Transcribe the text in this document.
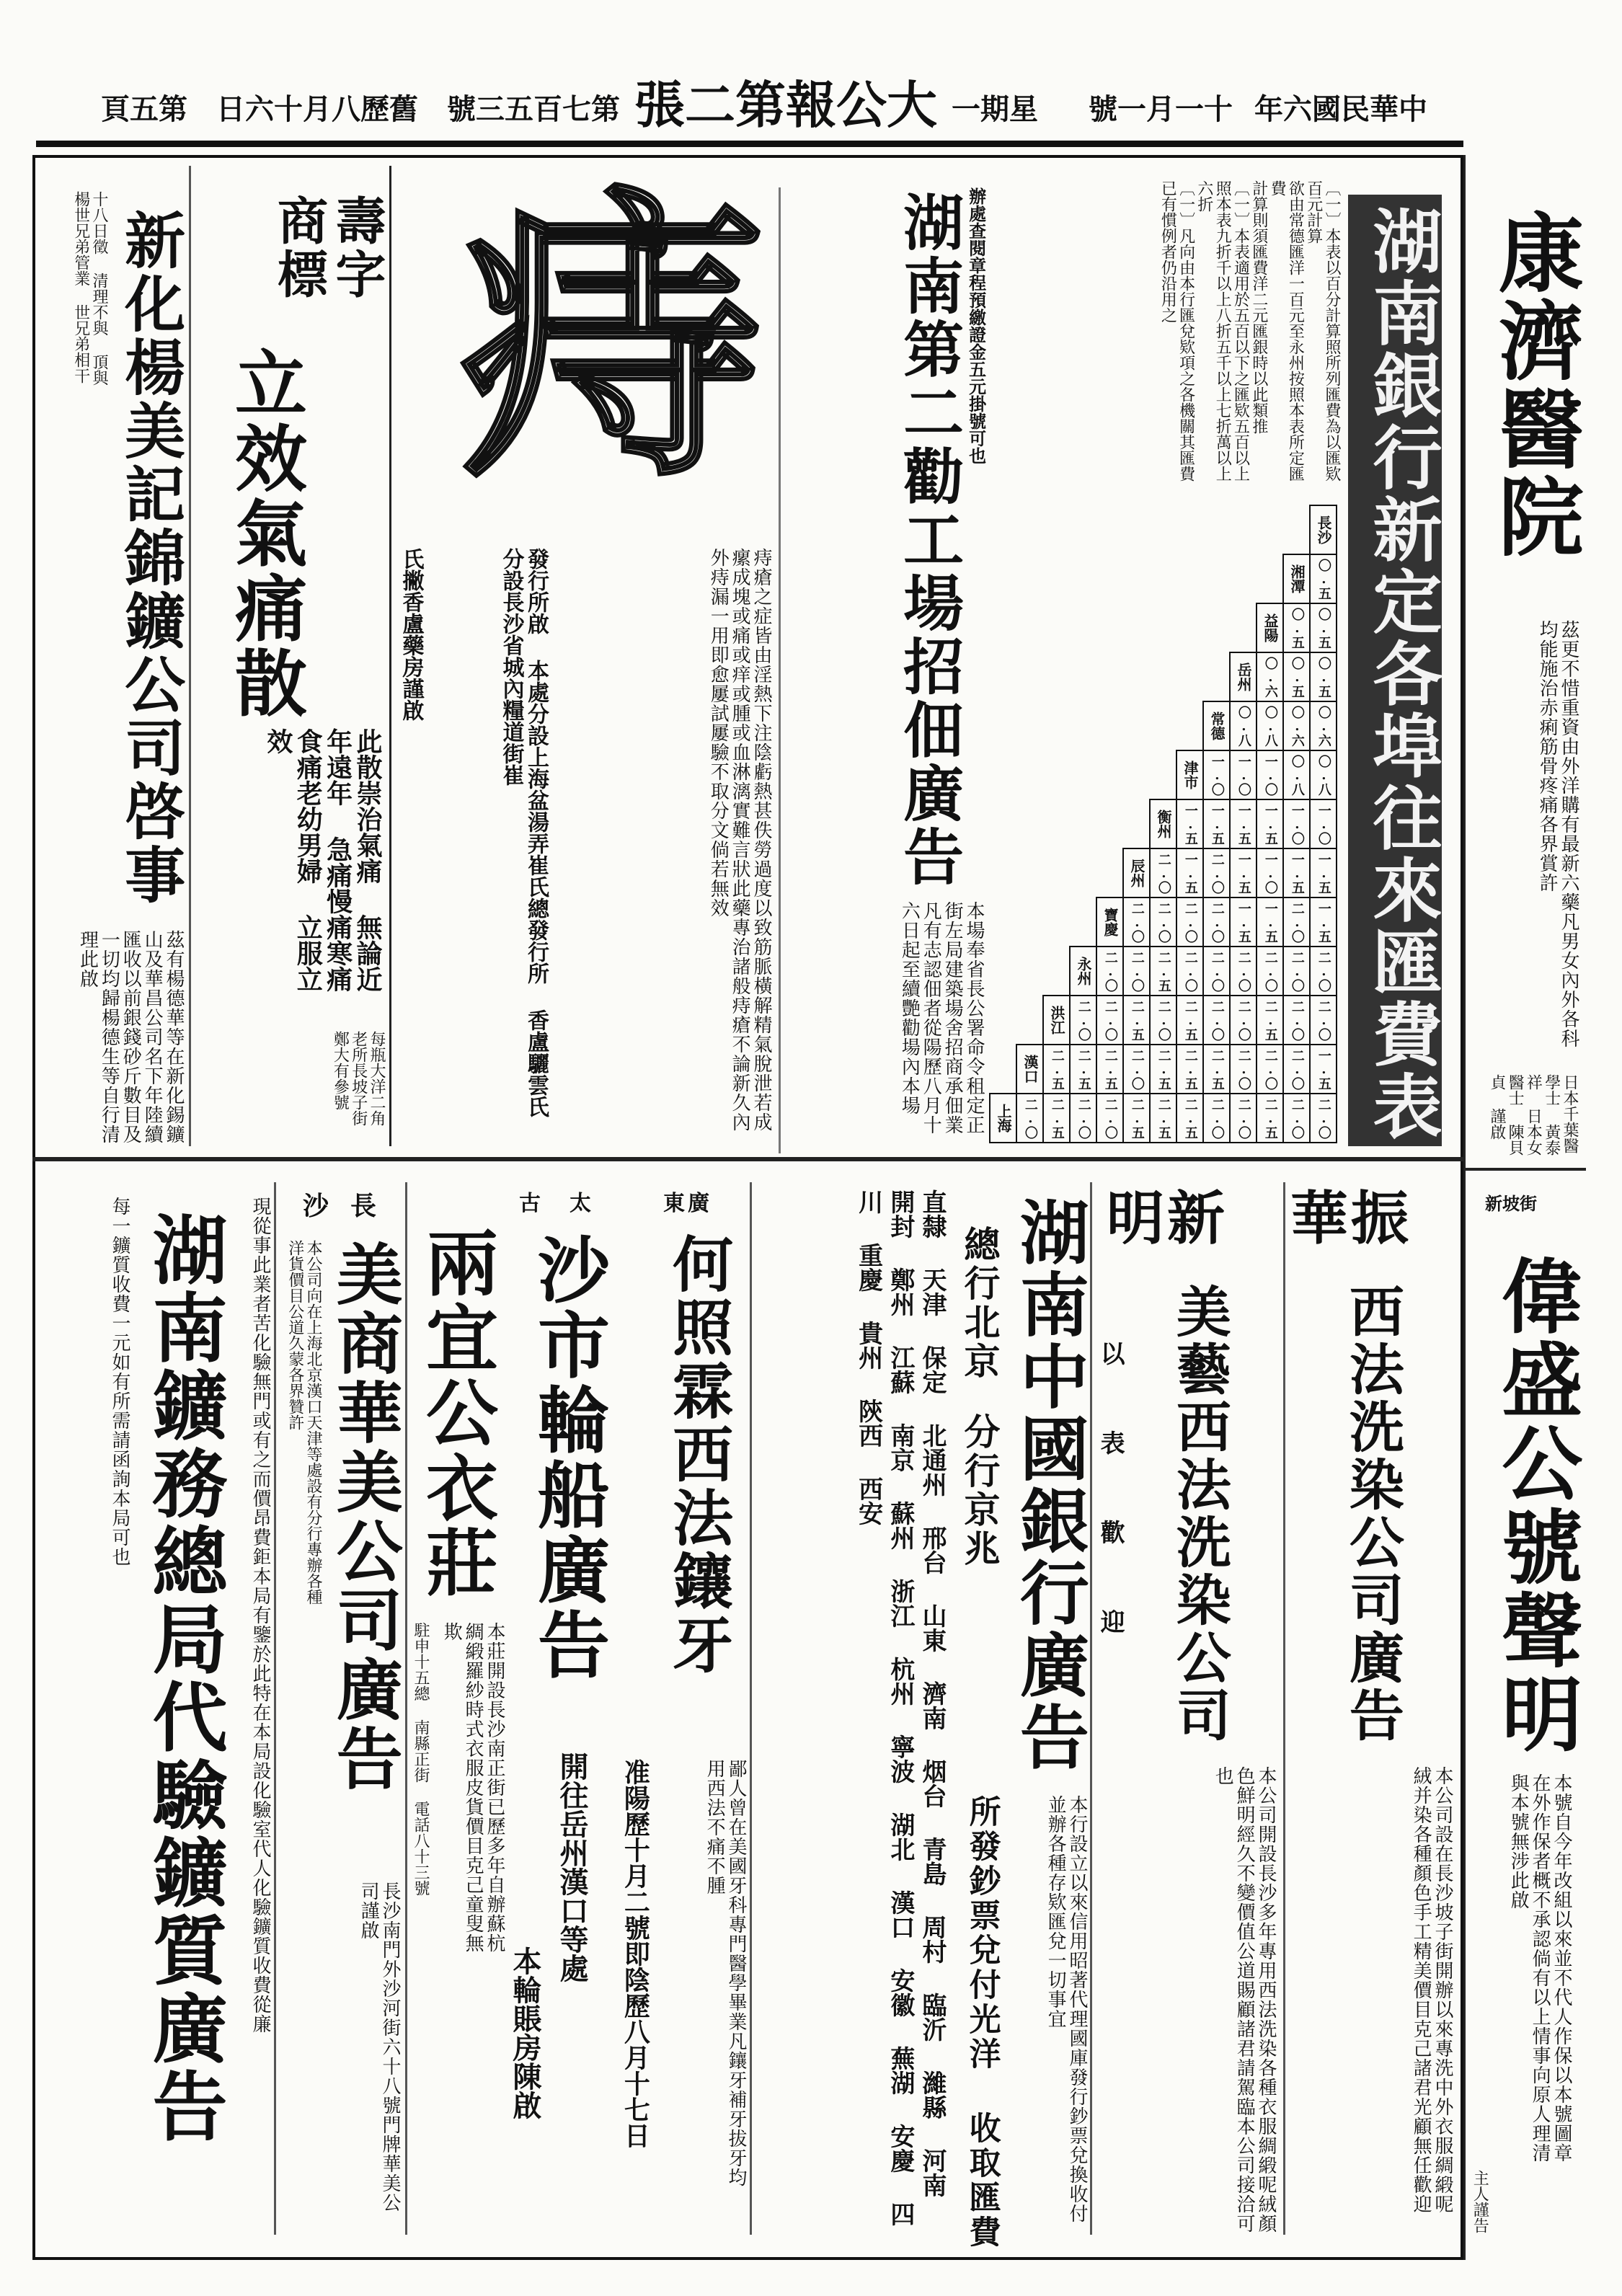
第五頁 舊歷八月十六日 第七百五三號 大公報第二張 星期一 十一月一號 中華民國六年
康濟醫院
茲更不惜重資由外洋購有最新六藥凡男女內外各科均能施治赤痢筋骨疼痛各界賞許
日本千葉醫學士 黃泰祥 日本女醫士 陳貝貞 謹啟
新坡街
偉盛公號聲明
本號自今年改組以來並不代人作保以本號圖章在外作保者概不承認倘有以上情事向原人理清與本號無涉此啟
主人謹告
湖南銀行新定各埠往來匯費表
〔一〕本表以百分計算照所列匯費為以匯欵百元計算
欲由常德匯洋一百元至永州按照本表所定匯費
計算則須匯費洋二元匯銀時以此類推
〔一〕本表適用於五百以下之匯欵五百以上照本表九折千以上八折五千以上七折萬以上六折
〔一〕凡向由本行匯兌欵項之各機關其匯費已有慣例者仍沿用之
												長沙
											湘潭	〇.五
										益陽	〇.五	〇.五
									岳州	〇.六	〇.五	〇.五
								常德	〇.八	〇.八	〇.六	〇.六
							津市	一.〇	一.〇	一.〇	〇.八	〇.八
						衡州	一.五	一.五	一.五	一.五	一.〇	一.〇
					辰州	二.〇	一.五	二.〇	一.五	一.〇	一.五	一.五
				寶慶	二.〇	二.〇	二.〇	二.〇	一.五	一.五	二.〇	一.五
			永州	二.〇	二.〇	二.五	二.〇	二.〇	二.〇	二.〇	二.〇	二.〇
		洪江	二.〇	二.〇	二.五	二.〇	二.五	二.〇	二.〇	二.五	二.〇	二.〇
	漢口	二.五	二.五	二.五	二.〇	二.五	二.五	二.五	二.〇	二.〇	二.〇	一.五
上海	二.〇	二.五	二.〇	二.〇	二.五	二.五	二.五	二.〇	二.〇	二.五	二.〇	二.〇
辦處查閱章程預繳證金五元掛號可也
湖南第二勸工場招佃廣告
本場奉省長公署命令租定正街左局建築場舍招商承佃業凡有志認佃者從陽歷八月十六日起至續艷勸場內本場
痔
痔瘡之症皆由淫熱下注陰虧熱甚佚勞過度以致筋脈橫解精氣脫泄若成瘰成塊或痛或痒或腫或血淋漓實難言狀此藥專治諸般痔瘡不論新久內外痔漏一用即愈屢試屢驗不取分文倘若無效
發行所啟 本處分設上海盆湯弄崔氏總發行所 香盧驪雲氏 分設長沙省城內糧道街崔
氏撇香盧藥房謹啟
壽字商標
立效氣痛散
此散崇治氣痛 無論近年遠年 急痛慢痛寒痛 食痛老幼男婦 立服立效
每瓶大洋二角 老所長坡子街 鄭大有參號
十八日徵 清理不與 頂與楊世兄弟管業 世兄弟相干 新化楊美記錦鑛公司啓事
茲有楊德華等在新化錫鑛山及華昌公司名下年陸續匯收以前銀錢砂斤數目及一切均歸楊德生等自行清理此啟
振華
西法洗染公司廣告
本公司設在長沙坡子街開辦以來專洗中外衣服綢緞呢絨并染各種顏色手工精美價目克己諸君光顧無任歡迎
新明
美藝西法洗染公司
以表歡迎
本公司開設長沙多年專用西法洗染各種衣服綢緞呢絨顏色鮮明經久不變價值公道賜顧諸君請駕臨本公司接洽可也
湖南中國銀行廣告
總行北京
分行京兆
本行設立以來信用昭著代理國庫發行鈔票兌換收付並辦各種存欵匯兌一切事宜
所發鈔票兌付光洋 收取匯費
直隸 天津 保定 北通州 邢台 山東 濟南 烟台 青島 周村 臨沂 濰縣 河南 開封 鄭州 江蘇 南京 蘇州 浙江 杭州 寧波 湖北 漢口 安徽 蕪湖 安慶 四川 重慶 貴州 陝西 西安
廣東
何照霖西法鑲牙
准陽歷十月二號即陰歷八月十七日	鄙人曾在美國牙科專門醫學畢業凡鑲牙補牙拔牙均用西法不痛不腫
太古
沙市輪船廣告
開往岳州漢口等處
本輪賬房陳啟
兩宜公衣莊
本莊開設長沙南正街已歷多年自辦蘇杭綢緞羅紗時式衣服皮貨價目克己童叟無欺
駐申十五總 南縣正街 電話八十三號
長沙
美商華美公司廣告
本公司向在上海北京漢口天津等處設有分行專辦各種洋貨價目公道久蒙各界贊許
長沙南門外沙河街六十八號門牌華美公司謹啟
湖南鑛務總局代驗鑛質廣告	現從事此業者苦化驗無門或有之而價昂費鉅本局有鑒於此特在本局設化驗室代人化驗鑛質收費從廉
每一鑛質收費一元如有所需請函詢本局可也
